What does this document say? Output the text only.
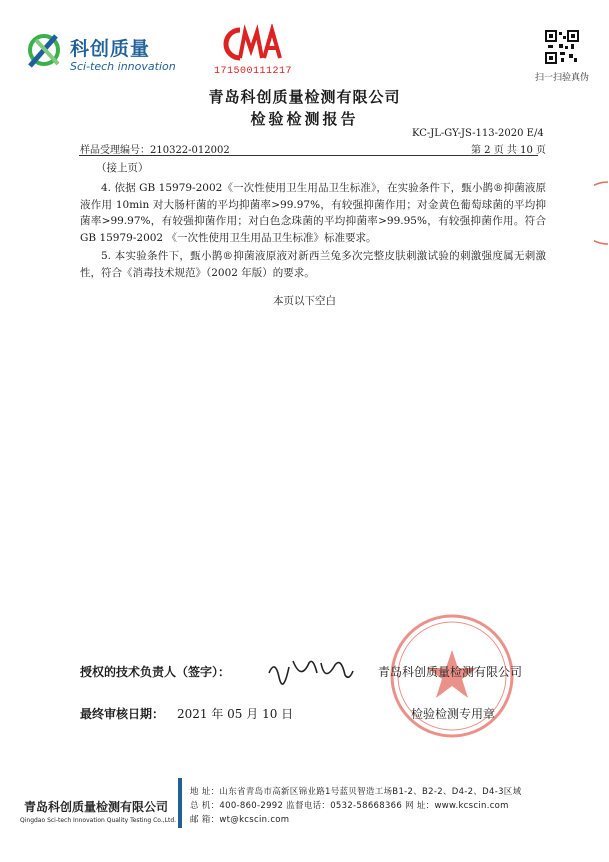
科创质量
Sci-tech innovation	171500111217
扫一扫验真伪
青岛科创质量检测有限公司
检验检测报告
KC-JL-GY-JS-113-2020 E/4
样品受理编号：210322-012002	第 2 页 共 10 页
（接上页）
4. 依据 GB 15979-2002《一次性使用卫生用品卫生标准》，在实验条件下，甄小鹊®抑菌液原液作用 10min 对大肠杆菌的平均抑菌率>99.97%，有较强抑菌作用；对金黄色葡萄球菌的平均抑菌率>99.97%，有较强抑菌作用；对白色念珠菌的平均抑菌率>99.95%，有较强抑菌作用。符合 GB 15979-2002 《一次性使用卫生用品卫生标准》标准要求。
5. 本实验条件下，甄小鹊®抑菌液原液对新西兰兔多次完整皮肤刺激试验的刺激强度属无刺激性，符合《消毒技术规范》（2002 年版）的要求。
本页以下空白
授权的技术负责人（签字）：	青岛科创质量检测有限公司
最终审核日期： 2021 年 05 月 10 日	检验检测专用章
青岛科创质量检测有限公司
Qingdao Sci-tech Innovation Quality Testing Co.,Ltd.
地 址：山东省青岛市高新区锦业路1号蓝贝智造工场B1-2、B2-2、D4-2、D4-3区域
总 机：400-860-2992 监督电话：0532-58668366 网 址：www.kcscin.com
邮 箱：wt@kcscin.com
